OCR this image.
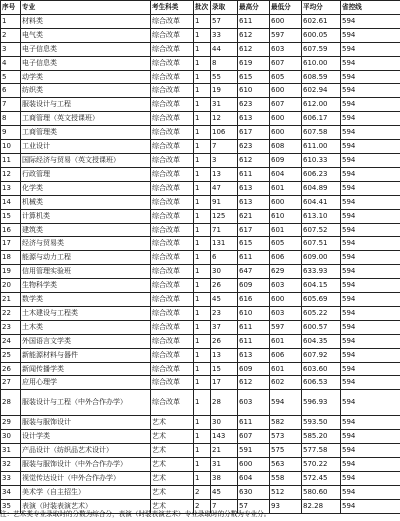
序号	专业	考生科类	批次	录取	最高分	最低分	平均分	省控线
1	材料类	综合改革	1	57	611	600	602.61	594
2	电气类	综合改革	1	33	612	597	600.05	594
3	电子信息类	综合改革	1	44	612	603	607.59	594
4	电子信息类	综合改革	1	8	619	607	610.00	594
5	动学类	综合改革	1	55	615	605	608.59	594
6	纺织类	综合改革	1	19	610	600	602.94	594
7	服装设计与工程	综合改革	1	31	623	607	612.00	594
8	工商管理（英文授课班）	综合改革	1	12	613	600	606.17	594
9	工商管理类	综合改革	1	106	617	600	607.58	594
10	工业设计	综合改革	1	7	623	608	611.00	594
11	国际经济与贸易（英文授课班）	综合改革	1	3	612	609	610.33	594
12	行政管理	综合改革	1	13	611	604	606.23	594
13	化学类	综合改革	1	47	613	601	604.89	594
14	机械类	综合改革	1	91	613	600	604.41	594
15	计算机类	综合改革	1	125	621	610	613.10	594
16	建筑类	综合改革	1	71	617	601	607.52	594
17	经济与贸易类	综合改革	1	131	615	605	607.51	594
18	能源与动力工程	综合改革	1	6	611	606	609.00	594
19	信用管理实验班	综合改革	1	30	647	629	633.93	594
20	生物科学类	综合改革	1	26	609	603	604.15	594
21	数学类	综合改革	1	45	616	600	605.69	594
22	土木建设与工程类	综合改革	1	23	610	603	605.22	594
23	土木类	综合改革	1	37	611	597	600.57	594
24	外国语言文学类	综合改革	1	26	611	601	604.35	594
25	新能源材料与器件	综合改革	1	13	613	606	607.92	594
26	新闻传播学类	综合改革	1	15	609	601	603.60	594
27	应用心理学	综合改革	1	17	612	602	606.53	594
28	服装设计与工程（中外合作办学）	综合改革	1	28	603	594	596.93	594
29	服装与服饰设计	艺术	1	30	611	582	593.50	594
30	设计学类	艺术	1	143	607	573	585.20	594
31	产品设计（纺织品艺术设计）	艺术	1	21	591	575	577.58	594
32	服装与服饰设计（中外合作办学）	艺术	1	31	600	563	570.22	594
33	视觉传达设计（中外合作办学）	艺术	1	38	604	558	572.45	594
34	美术学（自主招生）	艺术	2	45	630	512	580.60	594
35	表演（时装表演艺术）	艺术	2	7	57	93	82.28	594
注：艺术类专业录取时的分数为综合分，表演（时装表演艺术）专业录取时的分数为专业分。
